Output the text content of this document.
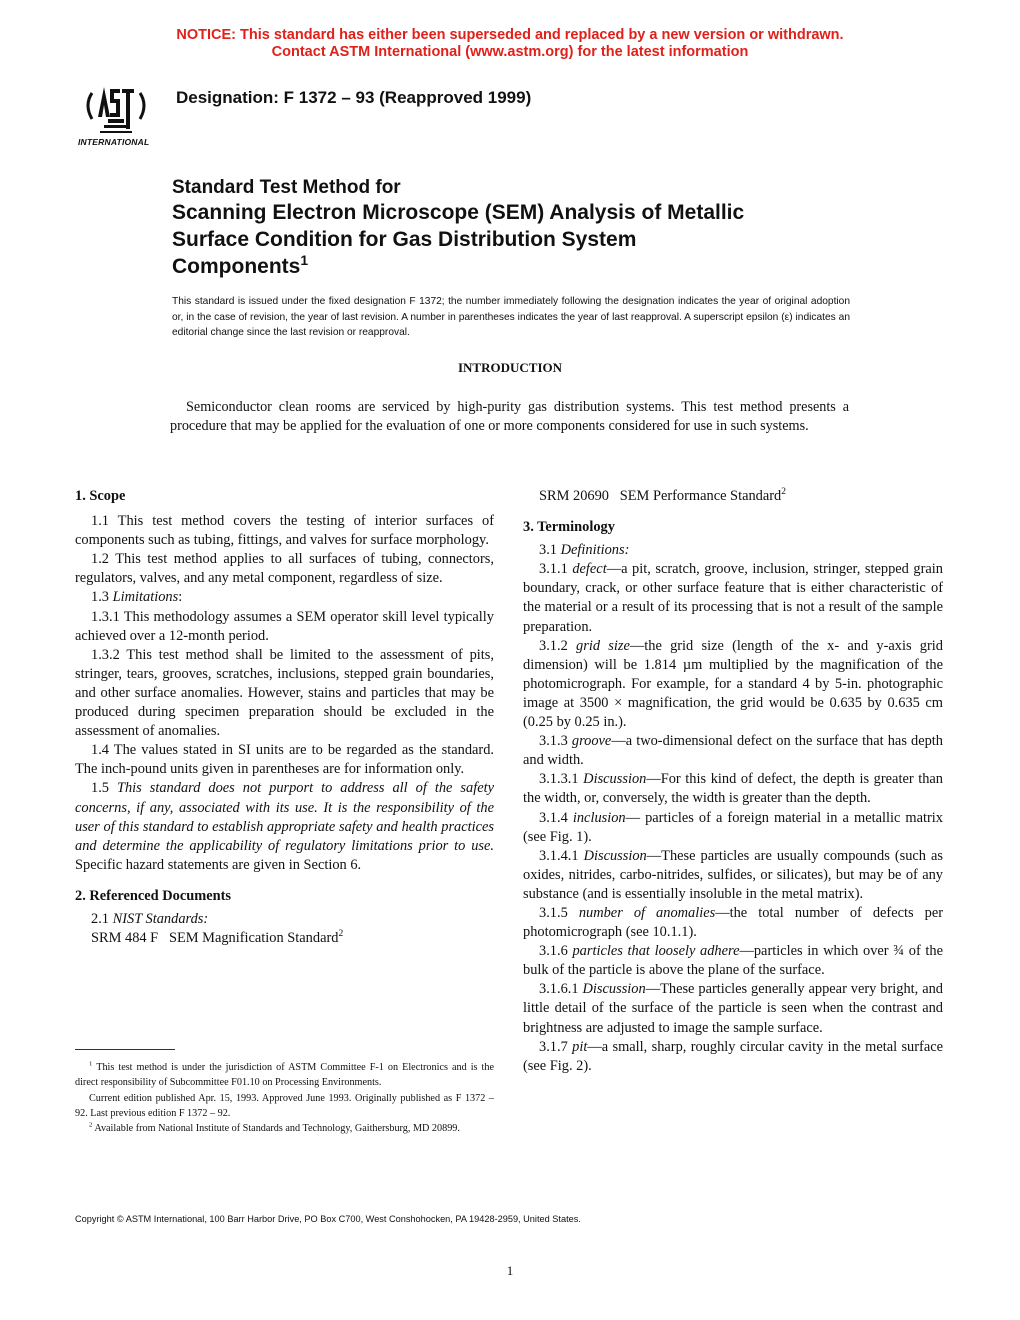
NOTICE: This standard has either been superseded and replaced by a new version or withdrawn.
Contact ASTM International (www.astm.org) for the latest information
INTERNATIONAL
Designation: F 1372 – 93 (Reapproved 1999)
Standard Test Method for
Scanning Electron Microscope (SEM) Analysis of Metallic
Surface Condition for Gas Distribution System
Components$^1$
This standard is issued under the fixed designation F 1372; the number immediately following the designation indicates the year of original adoption or, in the case of revision, the year of last revision. A number in parentheses indicates the year of last reapproval. A superscript epsilon (ε) indicates an editorial change since the last revision or reapproval.
INTRODUCTION
Semiconductor clean rooms are serviced by high-purity gas distribution systems. This test method presents a procedure that may be applied for the evaluation of one or more components considered for use in such systems.
1. Scope

1.1 This test method covers the testing of interior surfaces of components such as tubing, fittings, and valves for surface morphology.

1.2 This test method applies to all surfaces of tubing, connectors, regulators, valves, and any metal component, regardless of size.

1.3 Limitations:

1.3.1 This methodology assumes a SEM operator skill level typically achieved over a 12-month period.

1.3.2 This test method shall be limited to the assessment of pits, stringer, tears, grooves, scratches, inclusions, stepped grain boundaries, and other surface anomalies. However, stains and particles that may be produced during specimen preparation should be excluded in the assessment of anomalies.

1.4 The values stated in SI units are to be regarded as the standard. The inch-pound units given in parentheses are for information only.

1.5 This standard does not purport to address all of the safety concerns, if any, associated with its use. It is the responsibility of the user of this standard to establish appropriate safety and health practices and determine the applicability of regulatory limitations prior to use. Specific hazard statements are given in Section 6.

2. Referenced Documents

2.1 NIST Standards:

SRM 484 F   SEM Magnification Standard$^2$

SRM 20690   SEM Performance Standard$^2$

3. Terminology

3.1 Definitions:

3.1.1 defect—a pit, scratch, groove, inclusion, stringer, stepped grain boundary, crack, or other surface feature that is either characteristic of the material or a result of its processing that is not a result of the sample preparation.

3.1.2 grid size—the grid size (length of the x- and y-axis grid dimension) will be 1.814 µm multiplied by the magnification of the photomicrograph. For example, for a standard 4 by 5-in. photographic image at 3500 × magnification, the grid would be 0.635 by 0.635 cm (0.25 by 0.25 in.).

3.1.3 groove—a two-dimensional defect on the surface that has depth and width.

3.1.3.1 Discussion—For this kind of defect, the depth is greater than the width, or, conversely, the width is greater than the depth.

3.1.4 inclusion— particles of a foreign material in a metallic matrix (see Fig. 1).

3.1.4.1 Discussion—These particles are usually compounds (such as oxides, nitrides, carbo-nitrides, sulfides, or silicates), but may be of any substance (and is essentially insoluble in the metal matrix).

3.1.5 number of anomalies—the total number of defects per photomicrograph (see 10.1.1).

3.1.6 particles that loosely adhere—particles in which over ¾ of the bulk of the particle is above the plane of the surface.

3.1.6.1 Discussion—These particles generally appear very bright, and little detail of the surface of the particle is seen when the contrast and brightness are adjusted to image the sample surface.

3.1.7 pit—a small, sharp, roughly circular cavity in the metal surface (see Fig. 2).

$^1$ This test method is under the jurisdiction of ASTM Committee F-1 on Electronics and is the direct responsibility of Subcommittee F01.10 on Processing Environments.

Current edition published Apr. 15, 1993. Approved June 1993. Originally published as F 1372 – 92. Last previous edition F 1372 – 92.

$^2$ Available from National Institute of Standards and Technology, Gaithersburg, MD 20899.

Copyright © ASTM International, 100 Barr Harbor Drive, PO Box C700, West Conshohocken, PA 19428-2959, United States.
1
